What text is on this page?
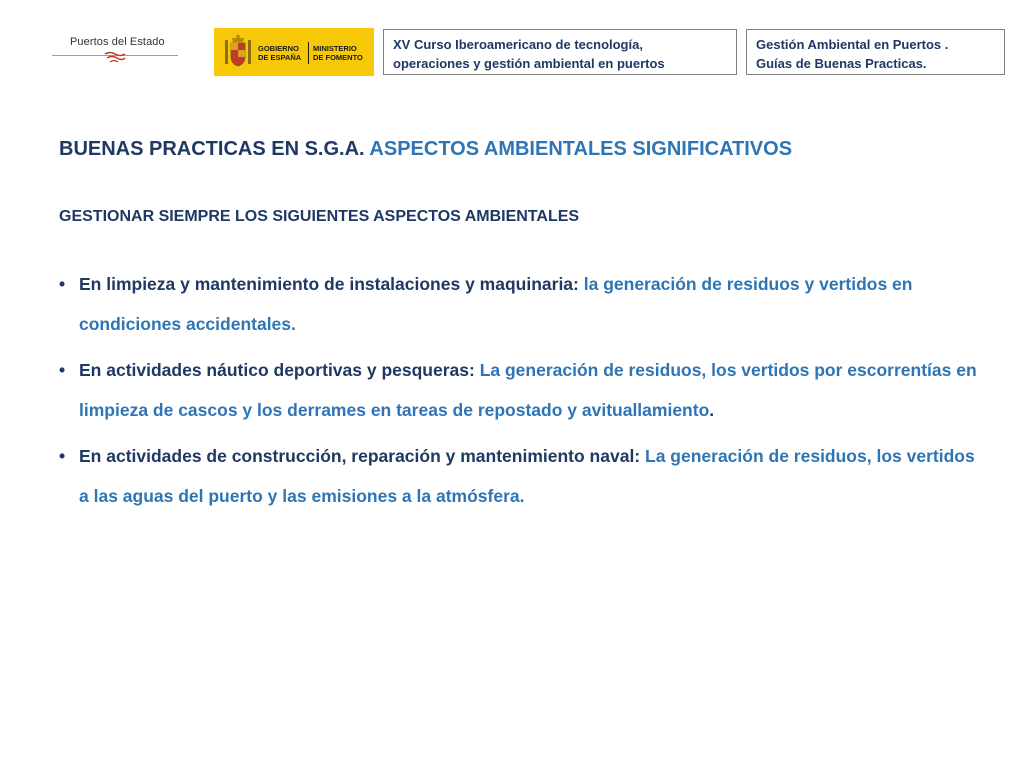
Puertos del Estado
GOBIERNO
DE ESPAÑA
MINISTERIO
DE FOMENTO
XV Curso Iberoamericano de tecnología,
operaciones y gestión ambiental en puertos
Gestión Ambiental en Puertos .
Guías de Buenas Practicas.
BUENAS PRACTICAS EN S.G.A. ASPECTOS AMBIENTALES SIGNIFICATIVOS
GESTIONAR SIEMPRE LOS SIGUIENTES ASPECTOS AMBIENTALES
• En limpieza y mantenimiento de instalaciones y maquinaria: la generación de residuos y vertidos en condiciones accidentales.
• En actividades náutico deportivas y pesqueras: La generación de residuos, los vertidos por escorrentías en limpieza de cascos y los derrames en tareas de repostado y avituallamiento.
• En actividades de construcción, reparación y mantenimiento naval: La generación de residuos, los vertidos a las aguas del puerto y las emisiones a la atmósfera.
